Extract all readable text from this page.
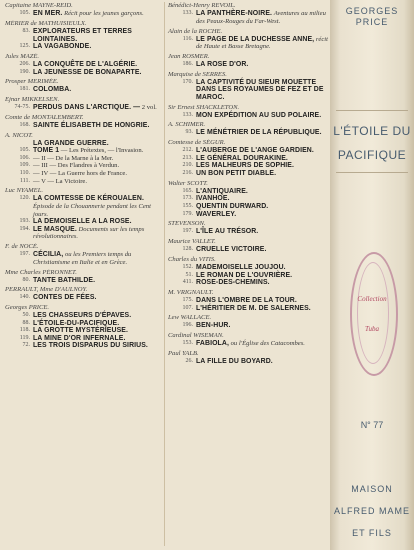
Capitaine MAYNE-REID.
105. EN MER. Récit pour les jeunes garçons.
MÉRIER de MATHUISIEULX.
83. EXPLORATEURS ET TERRES LOINTAINES.
125. LA VAGABONDE.
Jules MAZÉ.
206. LA CONQUÊTE DE L'ALGÉRIE.
190. LA JEUNESSE DE BONAPARTE.
Prosper MERIMÉE.
181. COLOMBA.
Ejnar MIKKELSEN.
74-75. PERDUS DANS L'ARCTIQUE. — 2 vol.
Comte de MONTALEMBERT.
168. SAINTE ÉLISABETH DE HONGRIE.
A. NICOT.
LA GRANDE GUERRE.
105. TOME 1 — Les Prétextes, — l'Invasion.
106. — II — De la Marne à la Mer.
109. — III — Des Flandres à Verdun.
110. — IV — La Guerre hors de France.
111. — V — La Victoire.
Luc NYAMEL.
120. LA COMTESSE DE KÉROUALEN. Épisode de la Chouannerie pendant les Cent jours.
193. LA DEMOISELLE A LA ROSE.
194. LE MASQUE. Documents sur les temps révolutionnaires.
F. de NOCÉ.
197. CÉCILIA, ou les Premiers temps du Christianisme en Italie et en Grèce.
Mme Charles PÉRONNET.
80. TANTE BATHILDE.
PERRAULT, Mme D'AULNOY.
140. CONTES DE FÉES.
Georges PRICE.
50. LES CHASSEURS D'ÉPAVES.
88. L'ÉTOILE-DU-PACIFIQUE.
118. LA GROTTE MYSTÉRIEUSE.
119. LA MINE D'OR INFERNALE.
72. LES TROIS DISPARUS DU SIRIUS.
Bénédict-Henry REVOIL.
133. LA PANTHÈRE-NOIRE. Aventures au milieu des Peaux-Rouges du Far-West.
Alain de la ROCHE.
116. LE PAGE DE LA DUCHESSE ANNE, récit de Haute et Basse Bretagne.
Jean ROSMER.
186. LA ROSE D'OR.
Marquise de SERRES.
170. LA CAPTIVITÉ DU SIEUR MOUETTE DANS LES ROYAUMES DE FEZ ET DE MAROC.
Sir Ernest SHACKLETON.
133. MON EXPÉDITION AU SUD POLAIRE.
A. SCHIMER.
93. LE MÉNÉTRIER DE LA RÉPUBLIQUE.
Comtesse de SÉGUR.
212. L'AUBERGE DE L'ANGE GARDIEN.
213. LE GÉNÉRAL DOURAKINE.
210. LES MALHEURS DE SOPHIE.
216. UN BON PETIT DIABLE.
Walter SCOTT.
165. L'ANTIQUAIRE.
173. IVANHOE.
155. QUENTIN DURWARD.
179. WAVERLEY.
STEVENSON.
197. L'ÎLE AU TRÉSOR.
Maurice VALLET.
128. CRUELLE VICTOIRE.
Charles du VITIS.
152. MADEMOISELLE JOUJOU.
51. LE ROMAN DE L'OUVRIÈRE.
411. ROSE-DES-CHEMINS.
M. VRIGNAULT.
175. DANS L'OMBRE DE LA TOUR.
107. L'HÉRITIER DE M. DE SALERNES.
Lew WALLACE.
196. BEN-HUR.
Cardinal WISEMAN.
153. FABIOLA, ou l'Église des Catacombes.
Paul YALB.
26. LA FILLE DU BOYARD.
GEORGES
PRICE
L'ÉTOILE DU
PACIFIQUE
Collection
Tuba
N° 77
MAISON
ALFRED MAME
ET FILS
